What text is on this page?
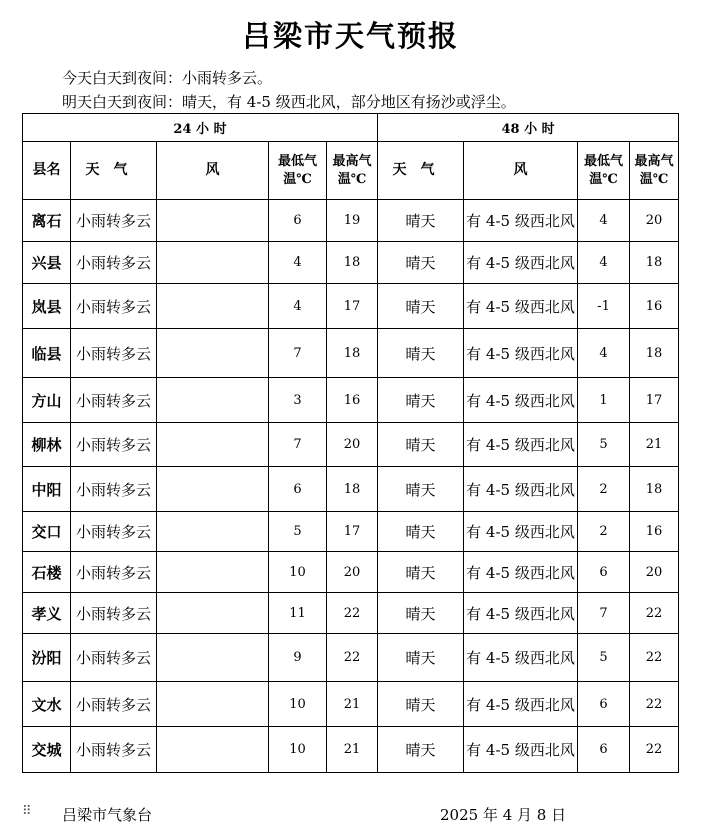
吕梁市天气预报
今天白天到夜间：小雨转多云。
明天白天到夜间：晴天，有 4-5 级西北风，部分地区有扬沙或浮尘。
24 小 时					48 小 时			
县名	天气	风	最低气温℃	最高气温℃	天气	风	最低气温℃	最高气温℃
离石	小雨转多云		6	19	晴天	有 4-5 级西北风	4	20
兴县	小雨转多云		4	18	晴天	有 4-5 级西北风	4	18
岚县	小雨转多云		4	17	晴天	有 4-5 级西北风	-1	16
临县	小雨转多云		7	18	晴天	有 4-5 级西北风	4	18
方山	小雨转多云		3	16	晴天	有 4-5 级西北风	1	17
柳林	小雨转多云		7	20	晴天	有 4-5 级西北风	5	21
中阳	小雨转多云		6	18	晴天	有 4-5 级西北风	2	18
交口	小雨转多云		5	17	晴天	有 4-5 级西北风	2	16
石楼	小雨转多云		10	20	晴天	有 4-5 级西北风	6	20
孝义	小雨转多云		11	22	晴天	有 4-5 级西北风	7	22
汾阳	小雨转多云		9	22	晴天	有 4-5 级西北风	5	22
文水	小雨转多云		10	21	晴天	有 4-5 级西北风	6	22
交城	小雨转多云		10	21	晴天	有 4-5 级西北风	6	22
⠿ 吕梁市气象台	2025 年 4 月 8 日
